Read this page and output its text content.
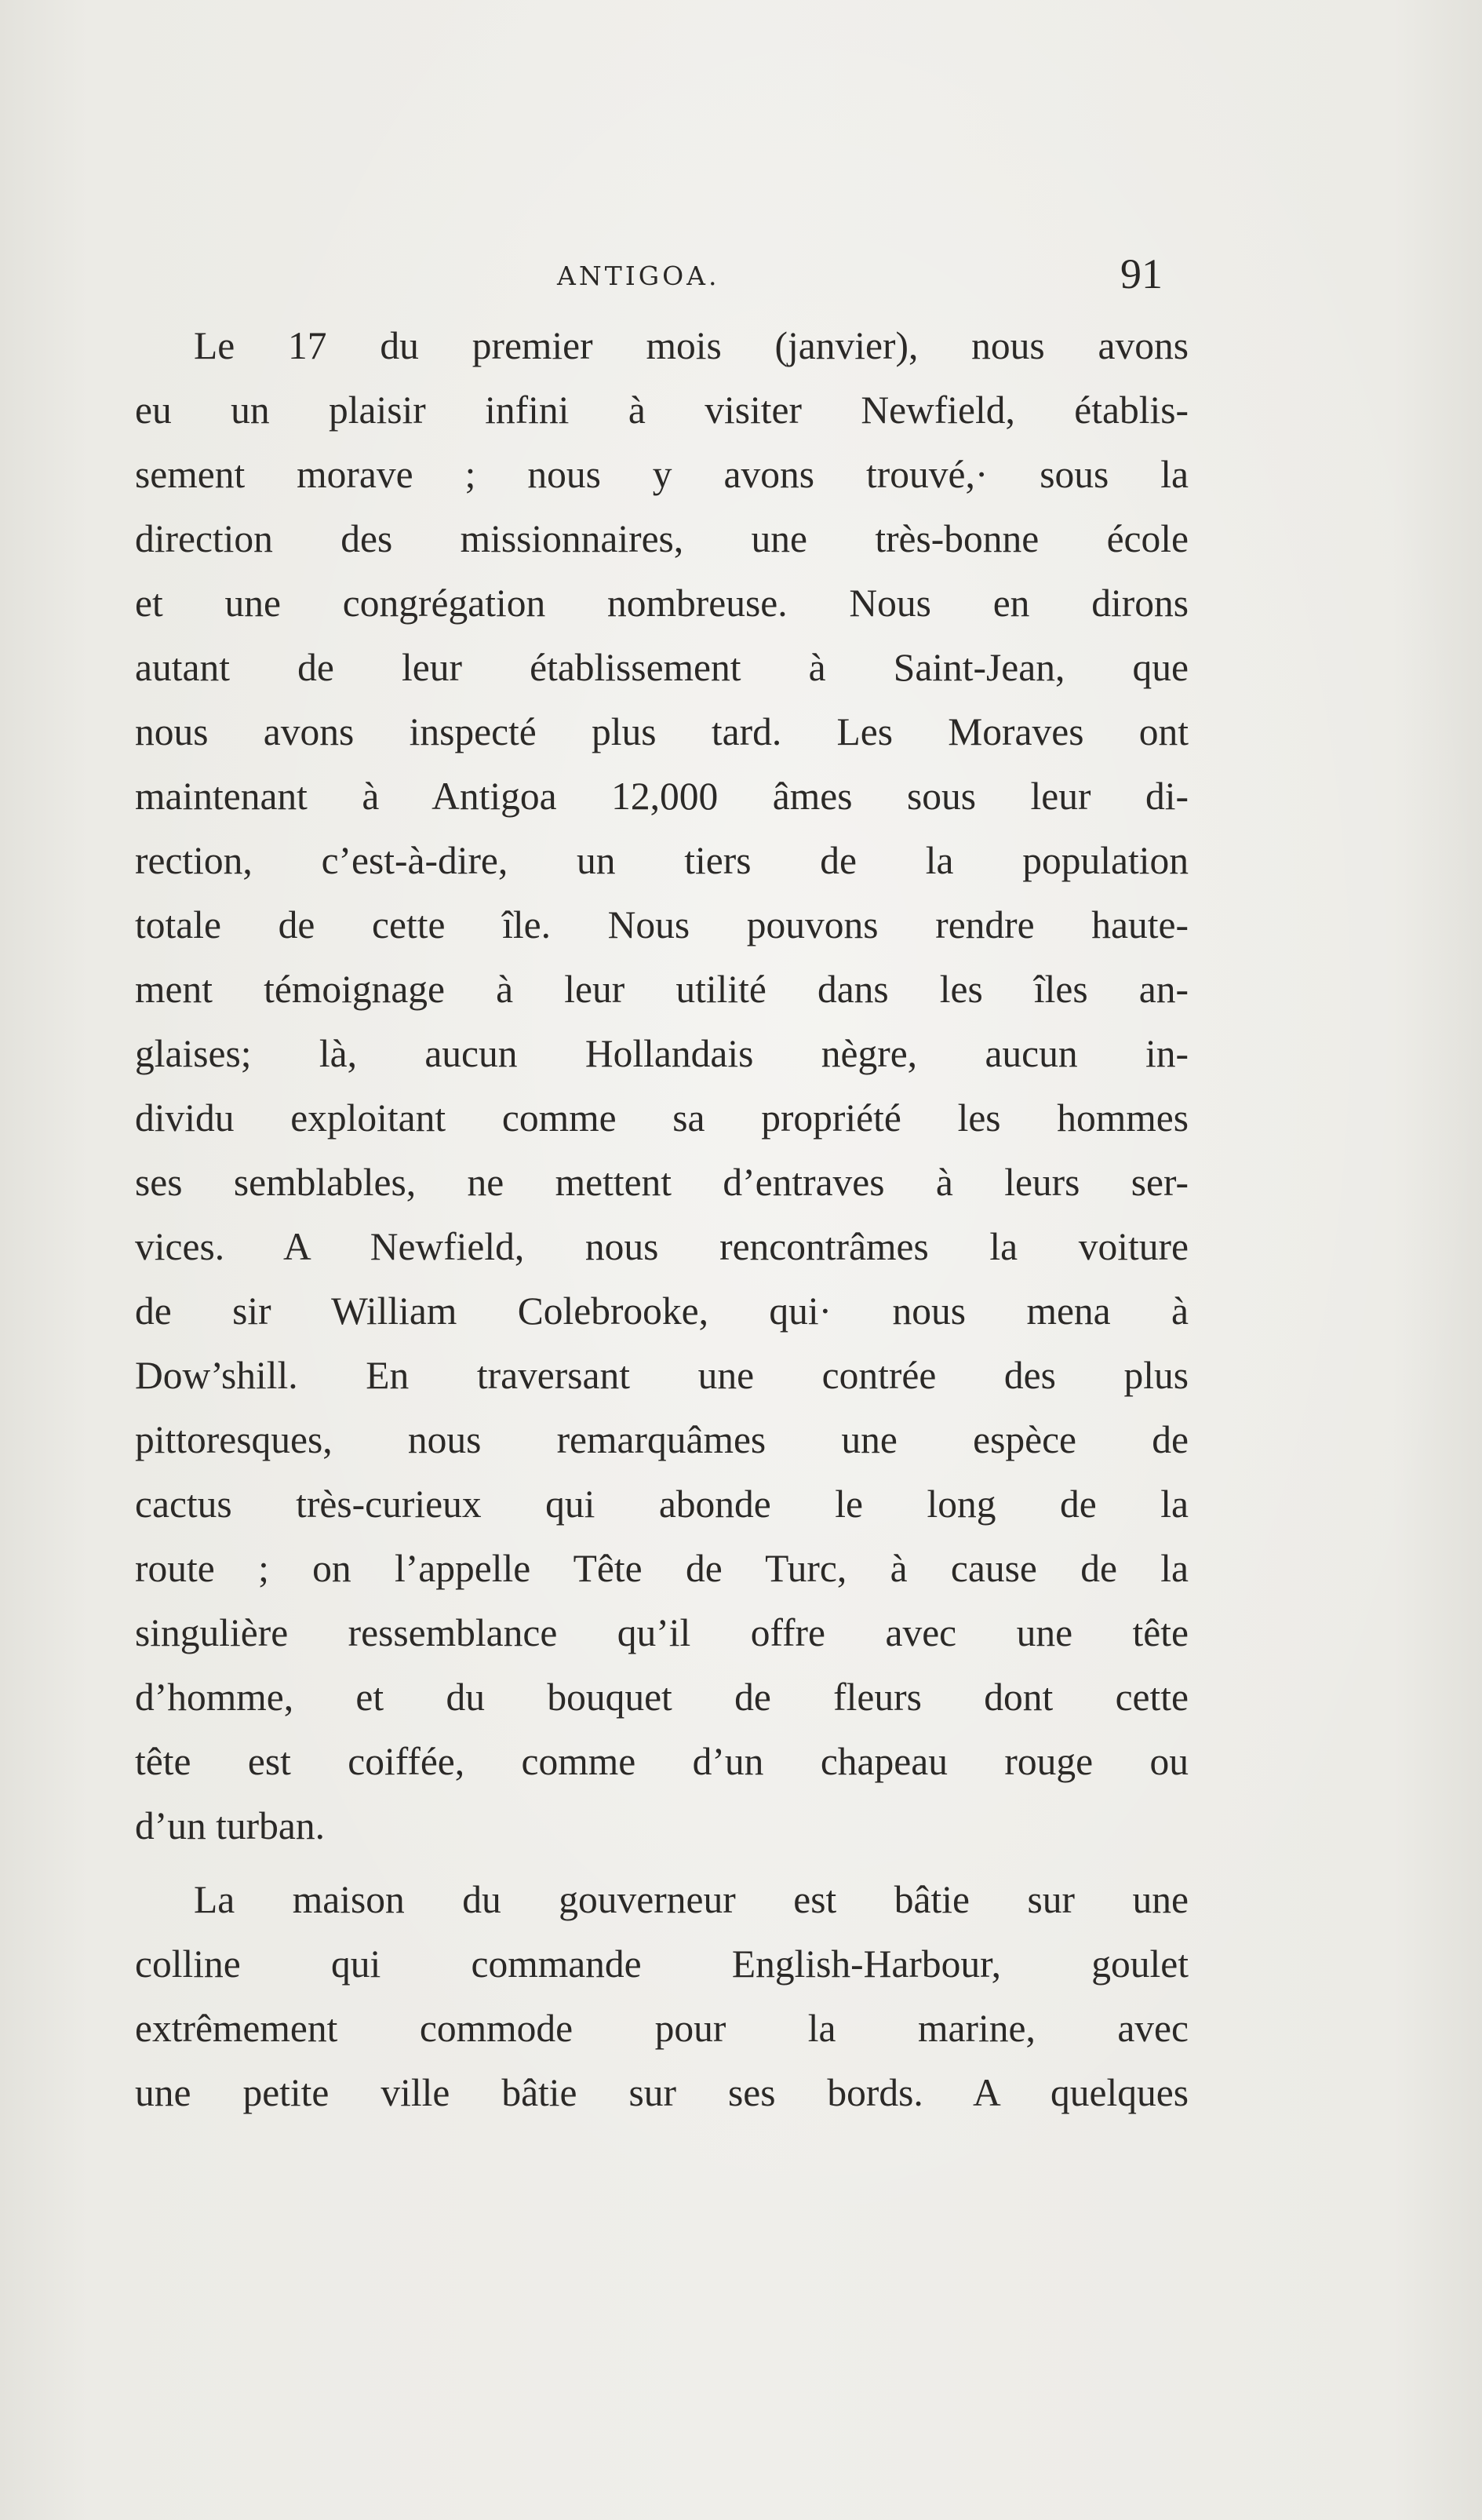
ANTIGOA.	91
Le 17 du premier mois (janvier), nous avons
eu un plaisir infini à visiter Newfield, établis-
sement morave ; nous y avons trouvé,· sous la
direction des missionnaires, une très-bonne école
et une congrégation nombreuse. Nous en dirons
autant de leur établissement à Saint-Jean, que
nous avons inspecté plus tard. Les Moraves ont
maintenant à Antigoa 12,000 âmes sous leur di-
rection, c’est-à-dire, un tiers de la population
totale de cette île. Nous pouvons rendre haute-
ment témoignage à leur utilité dans les îles an-
glaises; là, aucun Hollandais nègre, aucun in-
dividu exploitant comme sa propriété les hommes
ses semblables, ne mettent d’entraves à leurs ser-
vices. A Newfield, nous rencontrâmes la voiture
de sir William Colebrooke, qui· nous mena à
Dow’shill. En traversant une contrée des plus
pittoresques, nous remarquâmes une espèce de
cactus très-curieux qui abonde le long de la
route ; on l’appelle Tête de Turc, à cause de la
singulière ressemblance qu’il offre avec une tête
d’homme, et du bouquet de fleurs dont cette
tête est coiffée, comme d’un chapeau rouge ou
d’un turban.
La maison du gouverneur est bâtie sur une
colline qui commande English-Harbour, goulet
extrêmement commode pour la marine, avec
une petite ville bâtie sur ses bords. A quelques
